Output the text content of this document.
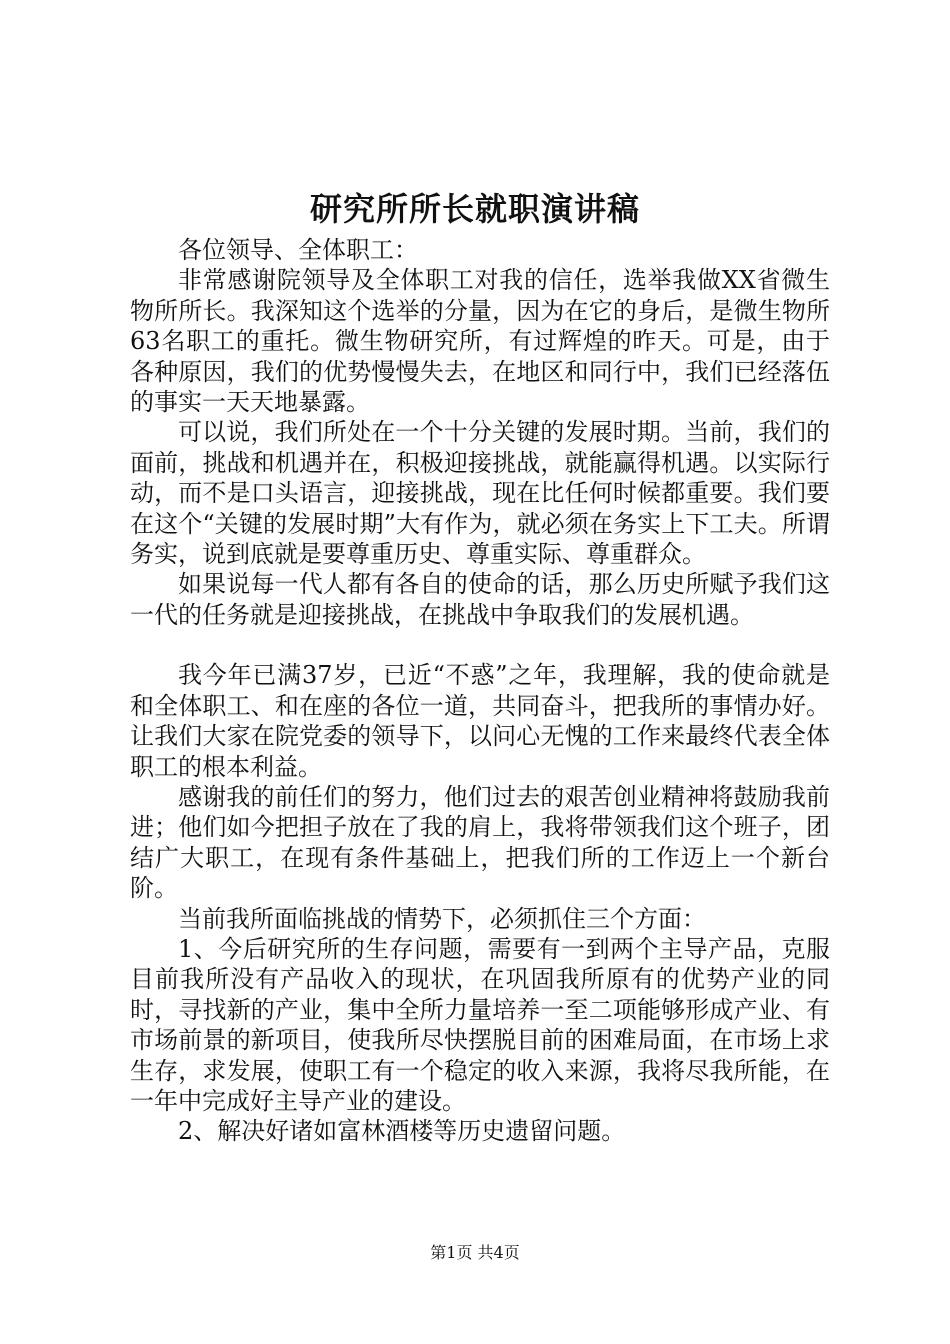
研究所所长就职演讲稿

各位领导、全体职工：

非常感谢院领导及全体职工对我的信任，选举我做XX省微生物所所长。我深知这个选举的分量，因为在它的身后，是微生物所63名职工的重托。微生物研究所，有过辉煌的昨天。可是，由于各种原因，我们的优势慢慢失去，在地区和同行中，我们已经落伍的事实一天天地暴露。

可以说，我们所处在一个十分关键的发展时期。当前，我们的面前，挑战和机遇并在，积极迎接挑战，就能赢得机遇。以实际行动，而不是口头语言，迎接挑战，现在比任何时候都重要。我们要在这个“关键的发展时期”大有作为，就必须在务实上下工夫。所谓务实，说到底就是要尊重历史、尊重实际、尊重群众。

如果说每一代人都有各自的使命的话，那么历史所赋予我们这一代的任务就是迎接挑战，在挑战中争取我们的发展机遇。

我今年已满37岁，已近“不惑”之年，我理解，我的使命就是和全体职工、和在座的各位一道，共同奋斗，把我所的事情办好。让我们大家在院党委的领导下，以问心无愧的工作来最终代表全体职工的根本利益。

感谢我的前任们的努力，他们过去的艰苦创业精神将鼓励我前进；他们如今把担子放在了我的肩上，我将带领我们这个班子，团结广大职工，在现有条件基础上，把我们所的工作迈上一个新台阶。

当前我所面临挑战的情势下，必须抓住三个方面：

1、今后研究所的生存问题，需要有一到两个主导产品，克服目前我所没有产品收入的现状，在巩固我所原有的优势产业的同时，寻找新的产业，集中全所力量培养一至二项能够形成产业、有市场前景的新项目，使我所尽快摆脱目前的困难局面，在市场上求生存，求发展，使职工有一个稳定的收入来源，我将尽我所能，在一年中完成好主导产业的建设。

2、解决好诸如富林酒楼等历史遗留问题。

第1页 共4页
